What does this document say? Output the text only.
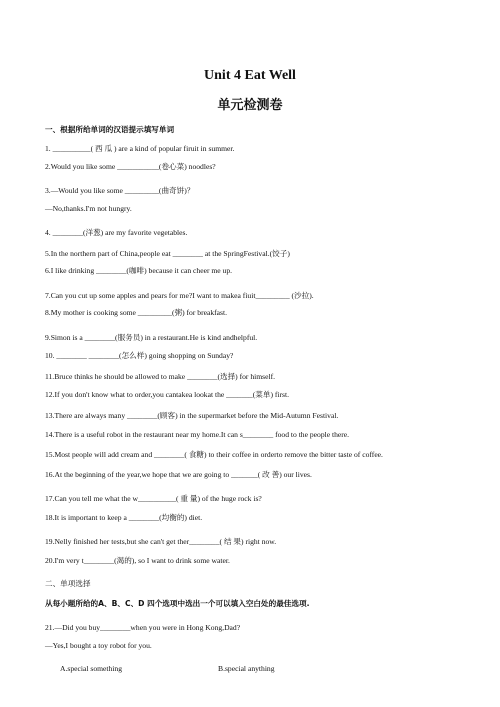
Unit 4 Eat Well
单元检测卷
一、根据所给单词的汉语提示填写单词
1. __________( 西 瓜 ) are a kind of popular firuit in summer.
2.Would you like some ___________(卷心菜) noodles?
3.—Would you like some _________(曲奇饼)？
—No,thanks.I'm not hungry.
4. ________(洋葱) are my favorite vegetables.
5.In the northern part of China,people eat ________ at the SpringFestival.(饺子)
6.I like drinking ________(咖啡) because it can cheer me up.
7.Can you cut up some apples and pears for me?I want to makea fiuit_________ (沙拉).
8.My mother is cooking some _________(粥) for breakfast.
9.Simon is a ________(服务员) in a restaurant.He is kind andhelpful.
10. ________ ________(怎么样) going shopping on Sunday?
11.Bruce thinks he should be allowed to make ________(选择) for himself.
12.If you don't know what to order,you cantakea lookat the _______(菜单) first.
13.There are always many ________(顾客) in the supermarket before the Mid-Autumn Festival.
14.There is a useful robot in the restaurant near my home.It can s________ food to the people there.
15.Most people will add cream and ________( 食糖) to their coffee in orderto remove the bitter taste of coffee.
16.At the beginning of the year,we hope that we are going to _______( 改 善) our lives.
17.Can you tell me what the w__________( 重 量) of the huge rock is?
18.It is important to keep a ________(均衡的) diet.
19.Nelly finished her tests,but she can't get ther________( 结 果) right now.
20.I'm very t________(渴的), so I want to drink some water.
二、单项选择
从每小题所给的A、B、C、D 四个选项中选出一个可以填入空白处的最佳选项.
21.—Did you buy________when you were in Hong Kong,Dad?
—Yes,I bought a toy robot for you.
A.special something	B.special anything
